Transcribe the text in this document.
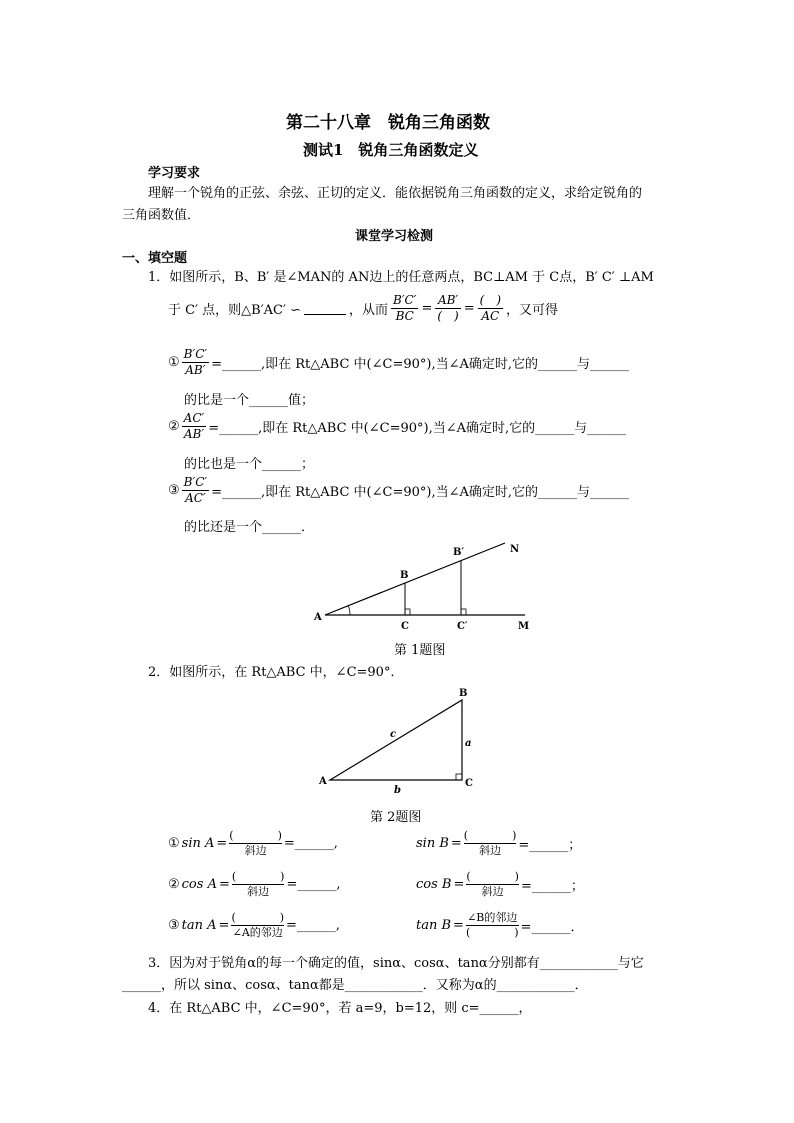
第二十八章　锐角三角函数
测试1　锐角三角函数定义
学习要求
理解一个锐角的正弦、余弦、正切的定义．能依据锐角三角函数的定义，求给定锐角的
三角函数值．
课堂学习检测
一、填空题
1．如图所示，B、B′ 是∠MAN的 AN边上的任意两点，BC⊥AM 于 C点，B′ C′ ⊥AM
于 C′ 点，则△B′AC′ ∽	，从而 $\frac{B'C'}{BC} = \frac{AB'}{( )} = \frac{( )}{AC}$ ，又可得
① $\frac{B'C'}{AB'}$ =______,即在 Rt△ABC 中(∠C=90°),当∠A确定时,它的______与______
的比是一个______值；
② $\frac{AC'}{AB'}$ =______,即在 Rt△ABC 中(∠C=90°),当∠A确定时,它的______与______
的比也是一个______；
③ $\frac{B'C'}{AC'}$ =______,即在 Rt△ABC 中(∠C=90°),当∠A确定时,它的______与______
的比还是一个______．
A
B
B′	N
C	C′	M
第 1题图
2．如图所示，在 Rt△ABC 中，∠C=90°．
A
B
C
a
b
c
第 2题图
① $\sin A = \frac{( )}{\text{斜边}}$ =______,	$\sin B = \frac{( )}{\text{斜边}}$ =______；
② $\cos A = \frac{( )}{\text{斜边}}$ =______,	$\cos B = \frac{( )}{\text{斜边}}$ =______；
③ $\tan A = \frac{( )}{\text{∠A的邻边}}$ =______,	$\tan B = \frac{\text{∠B的邻边}}{( )}$ =______．
3．因为对于锐角α的每一个确定的值，sinα、cosα、tanα分别都有____________与它
______，所以 sinα、cosα、tanα都是____________．又称为α的____________．
4．在 Rt△ABC 中，∠C=90°，若 a=9，b=12，则 c=______，
